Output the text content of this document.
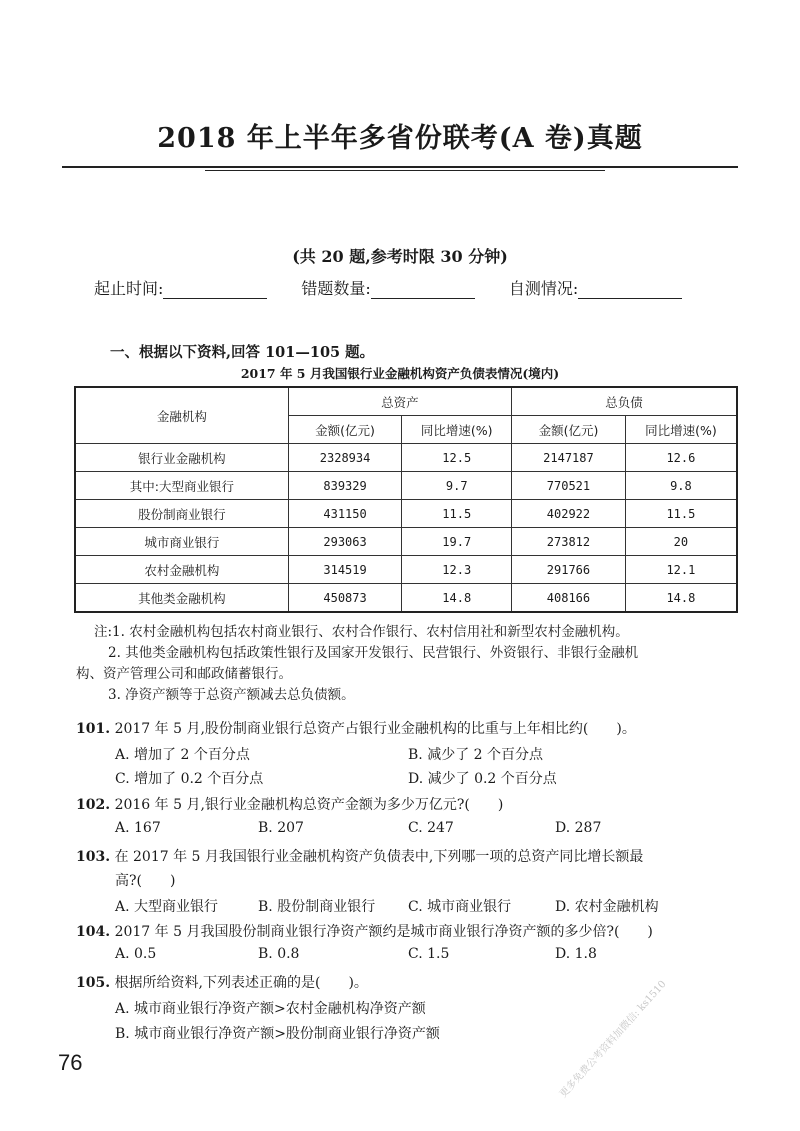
2018 年上半年多省份联考(A 卷)真题
(共 20 题,参考时限 30 分钟)
起止时间:	错题数量:	自测情况:
一、根据以下资料,回答 101—105 题。
2017 年 5 月我国银行业金融机构资产负债表情况(境内)
金融机构	总资产		总负债	
	金额(亿元)	同比增速(%)	金额(亿元)	同比增速(%)
银行业金融机构	2328934	12.5	2147187	12.6
其中:大型商业银行	839329	9.7	770521	9.8
股份制商业银行	431150	11.5	402922	11.5
城市商业银行	293063	19.7	273812	20
农村金融机构	314519	12.3	291766	12.1
其他类金融机构	450873	14.8	408166	14.8
注:1. 农村金融机构包括农村商业银行、农村合作银行、农村信用社和新型农村金融机构。
2. 其他类金融机构包括政策性银行及国家开发银行、民营银行、外资银行、非银行金融机
构、资产管理公司和邮政储蓄银行。
3. 净资产额等于总资产额减去总负债额。
101. 2017 年 5 月,股份制商业银行总资产占银行业金融机构的比重与上年相比约(　　)。
A. 增加了 2 个百分点	B. 减少了 2 个百分点
C. 增加了 0.2 个百分点	D. 减少了 0.2 个百分点
102. 2016 年 5 月,银行业金融机构总资产金额为多少万亿元?(　　)
A. 167	B. 207	C. 247	D. 287
103. 在 2017 年 5 月我国银行业金融机构资产负债表中,下列哪一项的总资产同比增长额最
高?(　　)
A. 大型商业银行	B. 股份制商业银行 C. 城市商业银行	D. 农村金融机构
104. 2017 年 5 月我国股份制商业银行净资产额约是城市商业银行净资产额的多少倍?(　　)
A. 0.5	B. 0.8	C. 1.5	D. 1.8
105. 根据所给资料,下列表述正确的是(　　)。
A. 城市商业银行净资产额>农村金融机构净资产额
B. 城市商业银行净资产额>股份制商业银行净资产额
76	更多免费公考资料加微信: ks1510
